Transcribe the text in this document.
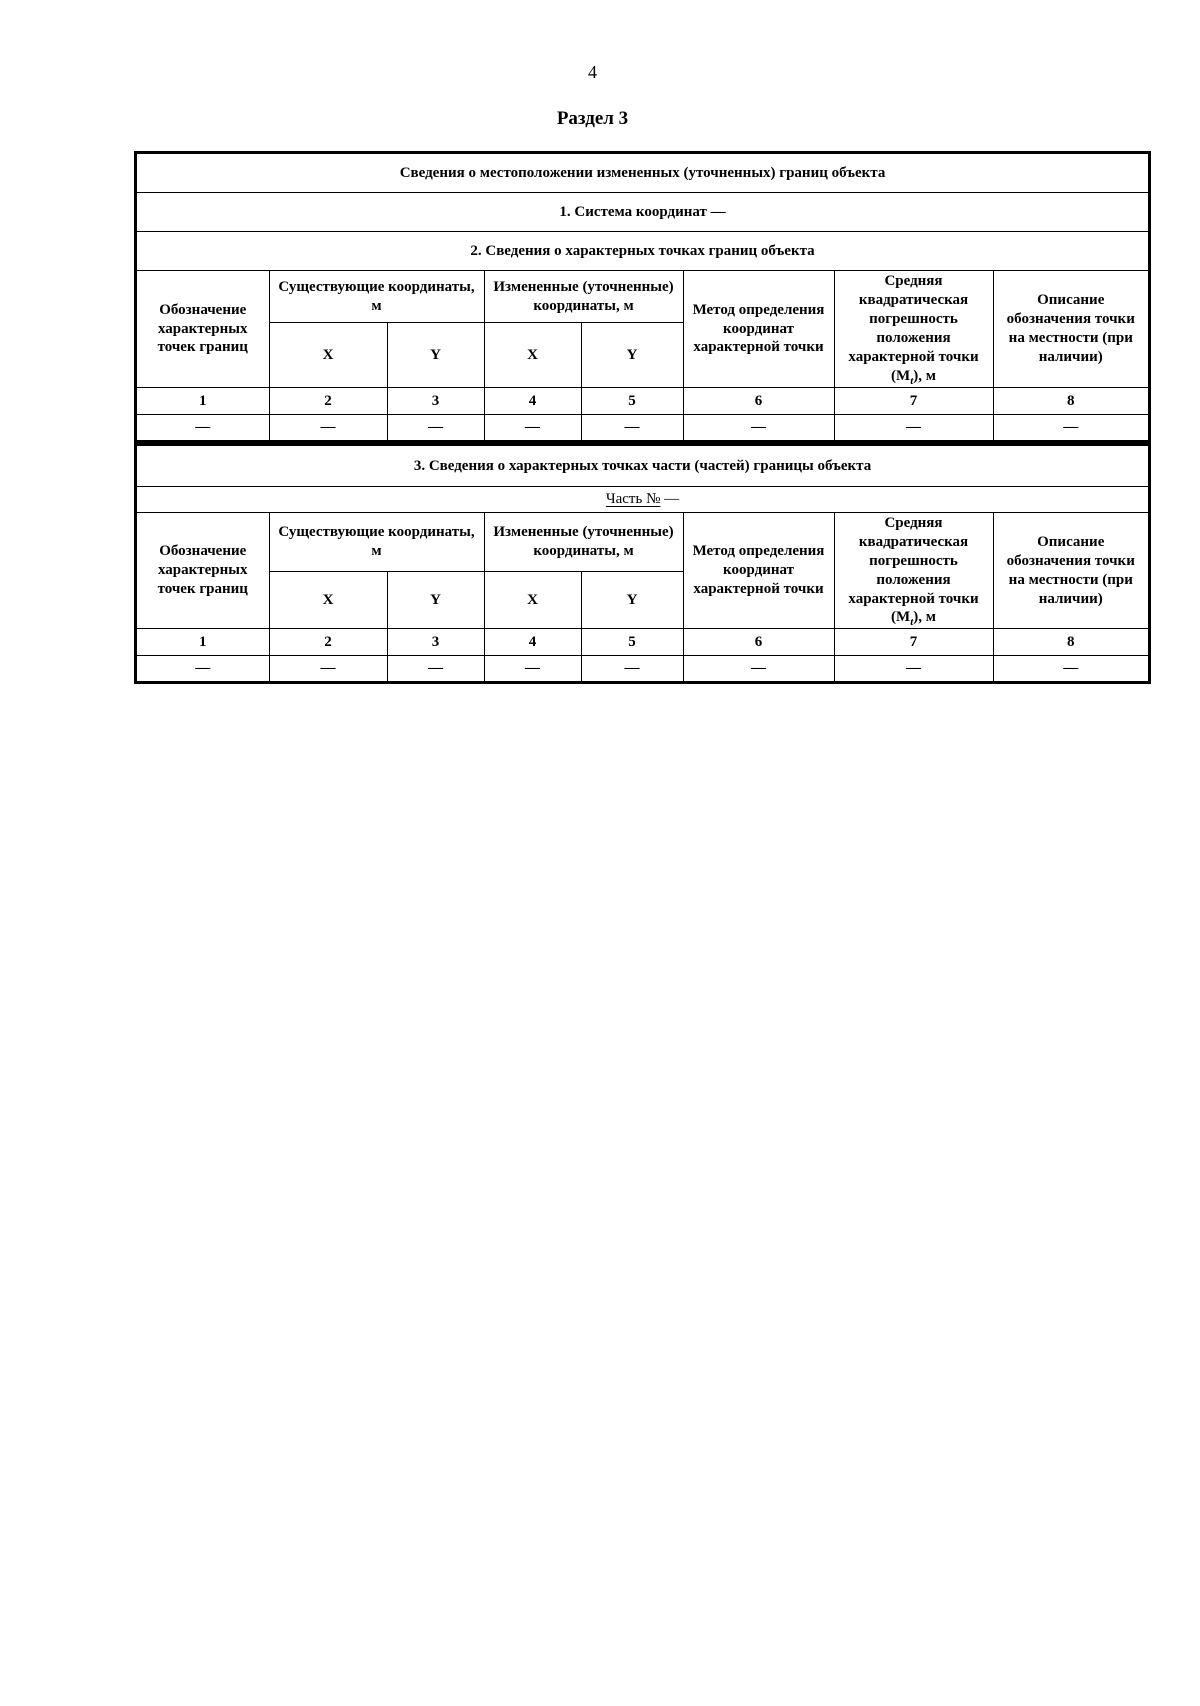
4
Раздел 3
Сведения о местоположении измененных (уточненных) границ объекта							
1. Система координат —							
2. Сведения о характерных точках границ объекта							
Обозначение характерных точек границ	Существующие координаты, м		Измененные (уточненные) координаты, м		Метод определения координат характерной точки	Средняя квадратическая погрешность положения характерной точки $(М_t)$, м	Описание обозначения точки на местности (при наличии)
	X	Y	X	Y			
1	2	3	4	5	6	7	8
—	—	—	—	—	—	—	—
3. Сведения о характерных точках части (частей) границы объекта							
Часть № —							
Обозначение характерных точек границ	Существующие координаты, м		Измененные (уточненные) координаты, м		Метод определения координат характерной точки	Средняя квадратическая погрешность положения характерной точки $(М_t)$, м	Описание обозначения точки на местности (при наличии)
	X	Y	X	Y			
1	2	3	4	5	6	7	8
—	—	—	—	—	—	—	—
